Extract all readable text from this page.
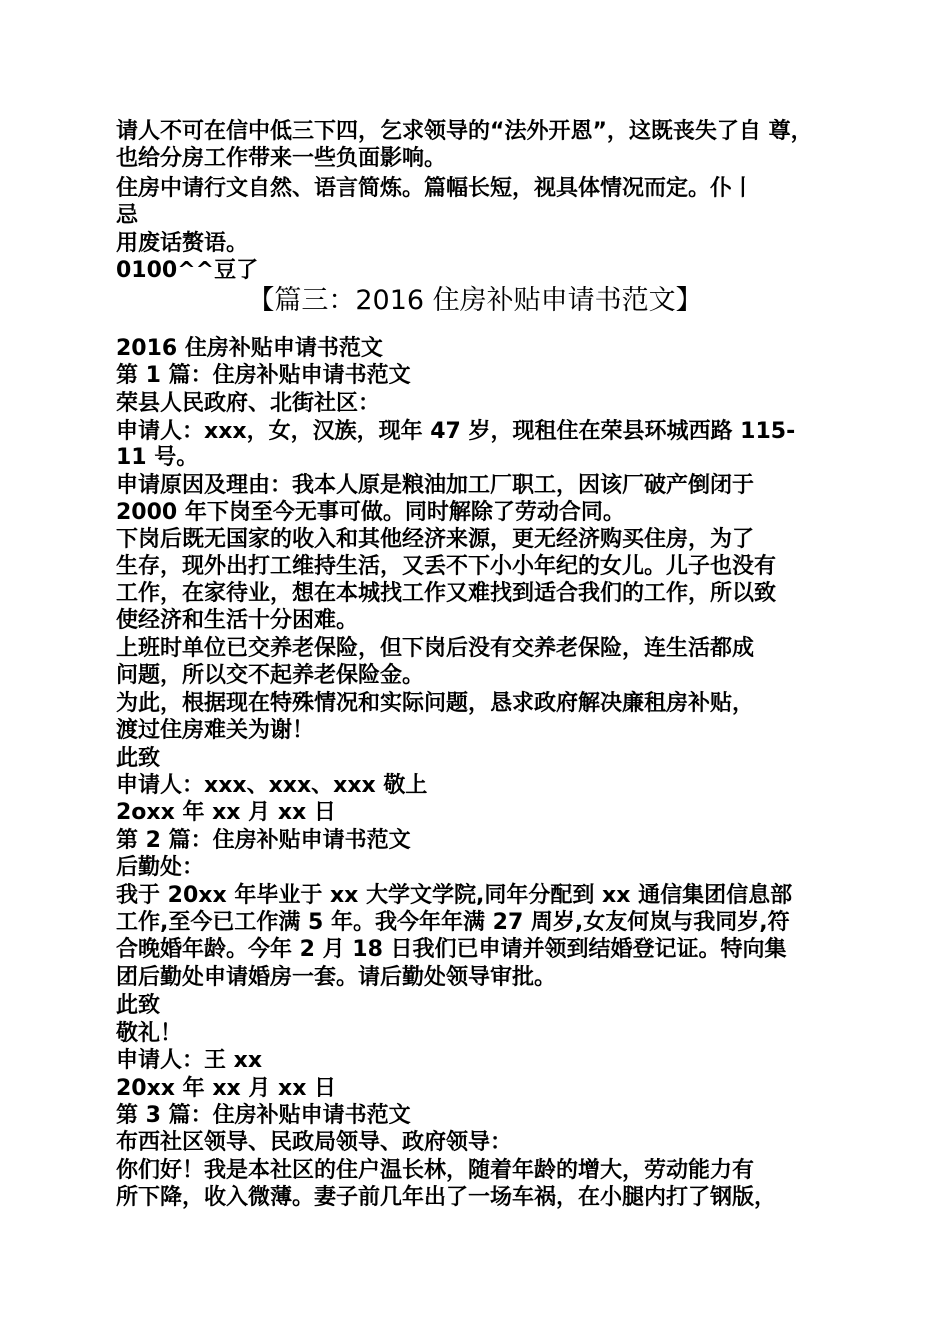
请人不可在信中低三下四，乞求领导的“法外开恩”，这既丧失了自 尊，
也给分房工作带来一些负面影响。
住房中请行文自然、语言简炼。篇幅长短，视具体情况而定。仆丨
忌
用废话赘语。
0100^^豆了
【篇三：2016 住房补贴申请书范文】
2016 住房补贴申请书范文
第 1 篇：住房补贴申请书范文
荣县人民政府、北街社区：
申请人：xxx，女，汉族，现年 47 岁，现租住在荣县环城西路 115-
11 号。
申请原因及理由：我本人原是粮油加工厂职工，因该厂破产倒闭于
2000 年下岗至今无事可做。同时解除了劳动合同。
下岗后既无国家的收入和其他经济来源，更无经济购买住房，为了
生存，现外出打工维持生活，又丢不下小小年纪的女儿。儿子也没有
工作，在家待业，想在本城找工作又难找到适合我们的工作，所以致
使经济和生活十分困难。
上班时单位已交养老保险，但下岗后没有交养老保险，连生活都成
问题，所以交不起养老保险金。
为此，根据现在特殊情况和实际问题，恳求政府解决廉租房补贴，
渡过住房难关为谢！
此致
申请人：xxx、xxx、xxx 敬上
2oxx 年 xx 月 xx 日
第 2 篇：住房补贴申请书范文
后勤处：
我于 20xx 年毕业于 xx 大学文学院,同年分配到 xx 通信集团信息部
工作,至今已工作满 5 年。我今年年满 27 周岁,女友何岚与我同岁,符
合晚婚年龄。今年 2 月 18 日我们已申请并领到结婚登记证。特向集
团后勤处申请婚房一套。请后勤处领导审批。
此致
敬礼！
申请人：王 xx
20xx 年 xx 月 xx 日
第 3 篇：住房补贴申请书范文
布西社区领导、民政局领导、政府领导：
你们好！我是本社区的住户温长林，随着年龄的增大，劳动能力有
所下降，收入微薄。妻子前几年出了一场车祸，在小腿内打了钢版，
